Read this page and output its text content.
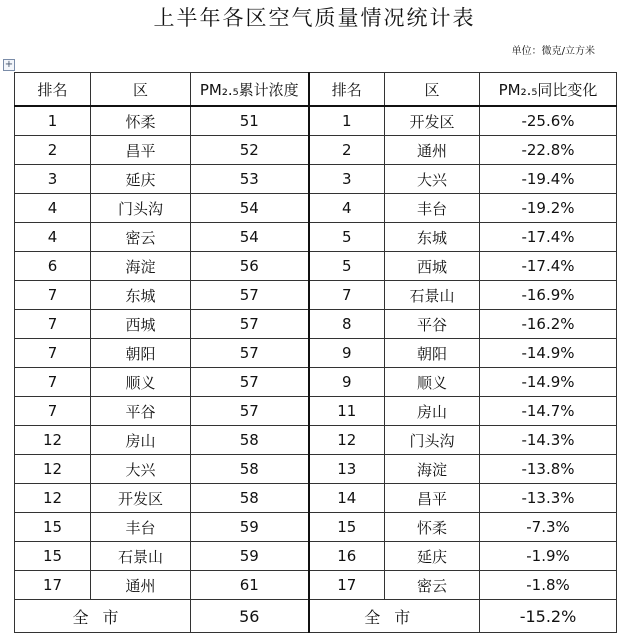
上半年各区空气质量情况统计表
单位：微克/立方米
+
排名	区	PM₂.₅累计浓度	排名	区	PM₂.₅同比变化
1	怀柔	51	1	开发区	-25.6%
2	昌平	52	2	通州	-22.8%
3	延庆	53	3	大兴	-19.4%
4	门头沟	54	4	丰台	-19.2%
4	密云	54	5	东城	-17.4%
6	海淀	56	5	西城	-17.4%
7	东城	57	7	石景山	-16.9%
7	西城	57	8	平谷	-16.2%
7	朝阳	57	9	朝阳	-14.9%
7	顺义	57	9	顺义	-14.9%
7	平谷	57	11	房山	-14.7%
12	房山	58	12	门头沟	-14.3%
12	大兴	58	13	海淀	-13.8%
12	开发区	58	14	昌平	-13.3%
15	丰台	59	15	怀柔	-7.3%
15	石景山	59	16	延庆	-1.9%
17	通州	61	17	密云	-1.8%
全市		56	全市		-15.2%
